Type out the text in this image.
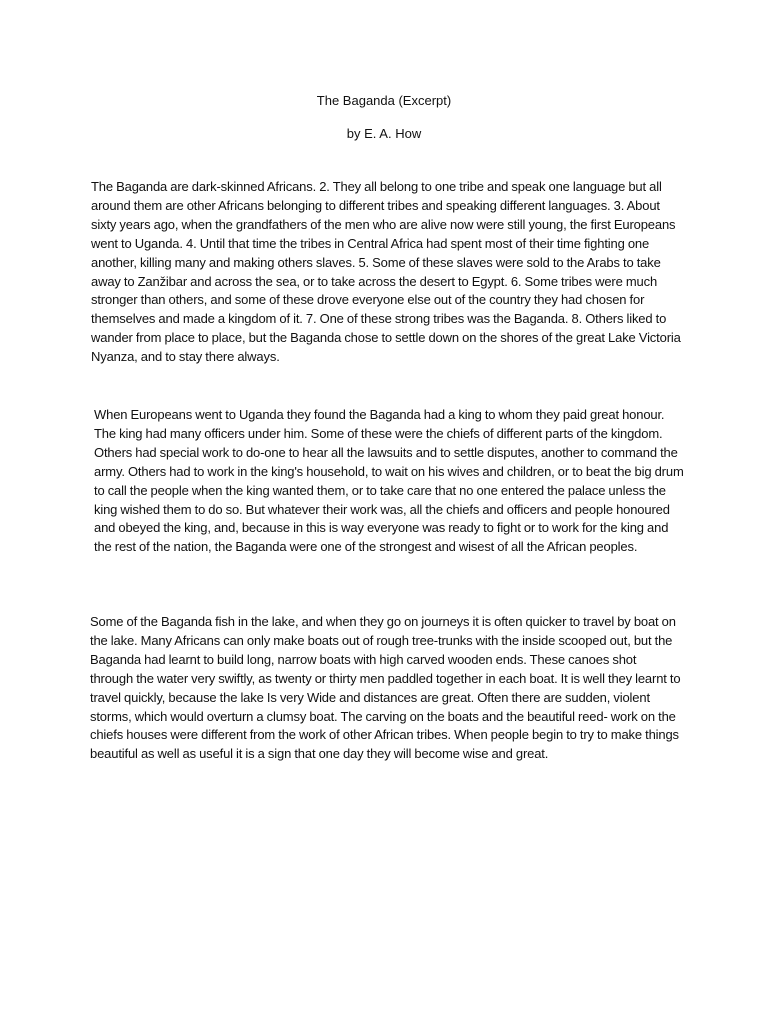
The Baganda (Excerpt)
by E. A. How

The Baganda are dark-skinned Africans. 2. They all belong to one tribe and speak one language but all around them are other Africans belonging to different tribes and speaking different languages. 3. About sixty years ago, when the grandfathers of the men who are alive now were still young, the first Europeans went to Uganda. 4. Until that time the tribes in Central Africa had spent most of their time fighting one another, killing many and making others slaves. 5. Some of these slaves were sold to the Arabs to take away to Zanžibar and across the sea, or to take across the desert to Egypt. 6. Some tribes were much stronger than others, and some of these drove everyone else out of the country they had chosen for themselves and made a kingdom of it. 7. One of these strong tribes was the Baganda. 8. Others liked to wander from place to place, but the Baganda chose to settle down on the shores of the great Lake Victoria Nyanza, and to stay there always.

When Europeans went to Uganda they found the Baganda had a king to whom they paid great honour. The king had many officers under him. Some of these were the chiefs of different parts of the kingdom. Others had special work to do-one to hear all the lawsuits and to settle disputes, another to command the army. Others had to work in the king's household, to wait on his wives and children, or to beat the big drum to call the people when the king wanted them, or to take care that no one entered the palace unless the king wished them to do so. But whatever their work was, all the chiefs and officers and people honoured and obeyed the king, and, because in this is way everyone was ready to fight or to work for the king and the rest of the nation, the Baganda were one of the strongest and wisest of all the African peoples.

Some of the Baganda fish in the lake, and when they go on journeys it is often quicker to travel by boat on the lake. Many Africans can only make boats out of rough tree-trunks with the inside scooped out, but the Baganda had learnt to build long, narrow boats with high carved wooden ends. These canoes shot through the water very swiftly, as twenty or thirty men paddled together in each boat. It is well they learnt to travel quickly, because the lake Is very Wide and distances are great. Often there are sudden, violent storms, which would overturn a clumsy boat. The carving on the boats and the beautiful reed- work on the chiefs houses were different from the work of other African tribes. When people begin to try to make things beautiful as well as useful it is a sign that one day they will become wise and great.
